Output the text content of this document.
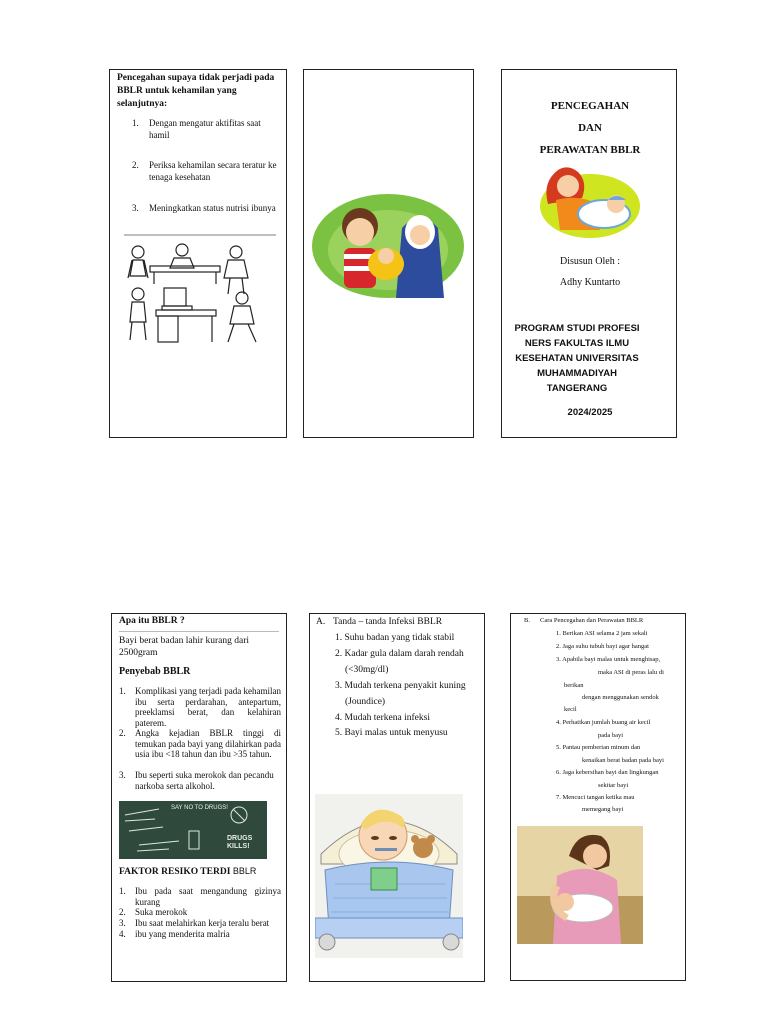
Pencegahan supaya tidak perjadi pada BBLR untuk kehamilan yang selanjutnya:
1. Dengan mengatur aktifitas saat hamil
2. Periksa kehamilan secara teratur ke tenaga kesehatan
3. Meningkatkan status nutrisi ibunya
PENCEGAHAN
DAN
PERAWATAN BBLR
Disusun Oleh :
Adhy Kuntarto
PROGRAM STUDI PROFESI NERS FAKULTAS ILMU KESEHATAN UNIVERSITAS MUHAMMADIYAH TANGERANG
2024/2025
Apa itu BBLR ?
Bayi berat badan lahir kurang dari 2500gram
Penyebab BBLR
1. Komplikasi yang terjadi pada kehamilan ibu serta perdarahan, antepartum, preeklamsi berat, dan kelahiran paterem.
2. Angka kejadian BBLR tinggi di temukan pada bayi yang dilahirkan pada usia ibu <18 tahun dan ibu >35 tahun.
3. Ibu seperti suka merokok dan pecandu narkoba serta alkohol.
SAY NO TO DRUGS!
DRUGS KILLS!
FAKTOR RESIKO TERDI BBLR
1. Ibu pada saat mengandung gizinya kurang
2. Suka merokok
3. Ibu saat melahirkan kerja teralu berat
4. ibu yang menderita malria
A. Tanda – tanda Infeksi BBLR
1. Suhu badan yang tidak stabil
2. Kadar gula dalam darah rendah
(<30mg/dl)
3. Mudah terkena penyakit kuning
(Joundice)
4. Mudah terkena infeksi
5. Bayi malas untuk menyusu
B. Cara Pencegahan dan Perawatan BBLR
1. Berikan ASI selama 2 jam sekali
2. Jaga suhu tubuh bayi agar hangat
3. Apabila bayi malas untuk menghisap,
maka ASI di peras lalu di
berikan
dengan menggunakan sendok
kecil
4. Perhatikan jumlah buang air kecil
pada bayi
5. Pantau pemberian minum dan
kenaikan berat badan pada bayi
6. Jaga kebersihan bayi dan lingkungan
sekitar bayi
7. Mencuci tangan ketika mau
memegang bayi
